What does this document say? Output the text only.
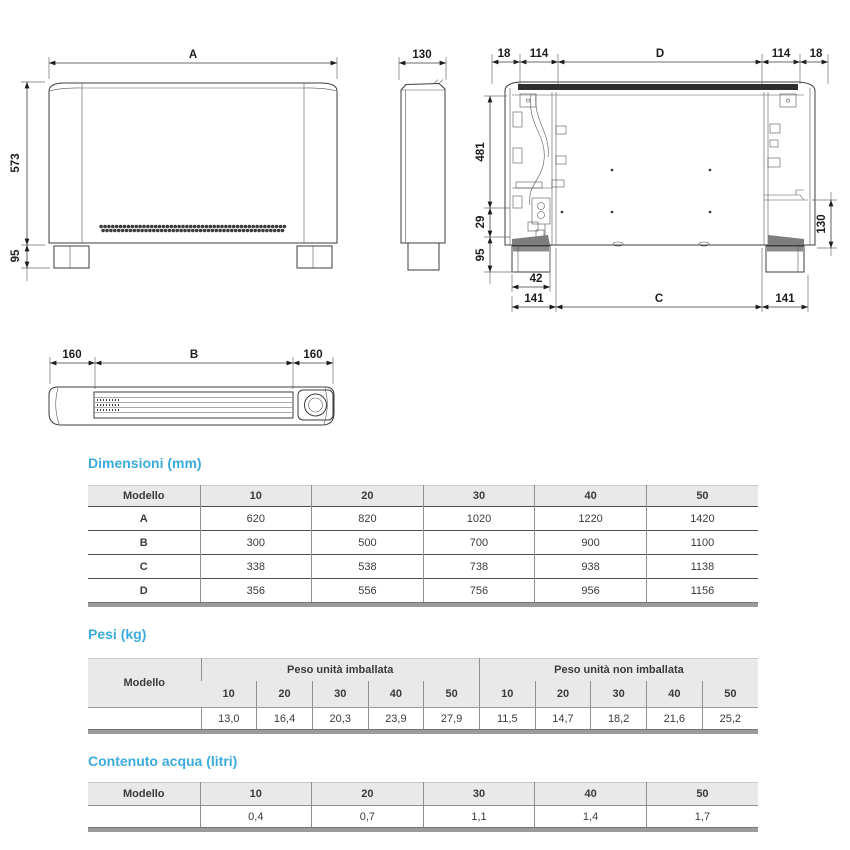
A
573
95
130	18 114	D	114 18
481
29
95
42
141	C	141
130
160	B	160
Dimensioni (mm)
Modello	10	20	30	40	50
A	620	820	1020	1220	1420
B	300	500	700	900	1100
C	338	538	738	938	1138
D	356	556	756	956	1156
Pesi (kg)
Modello	Peso unità imballata					Peso unità non imballata				
	10	20	30	40	50	10	20	30	40	50
	13,0	16,4	20,3	23,9	27,9	11,5	14,7	18,2	21,6	25,2
Contenuto acqua (litri)
Modello	10	20	30	40	50
	0,4	0,7	1,1	1,4	1,7
